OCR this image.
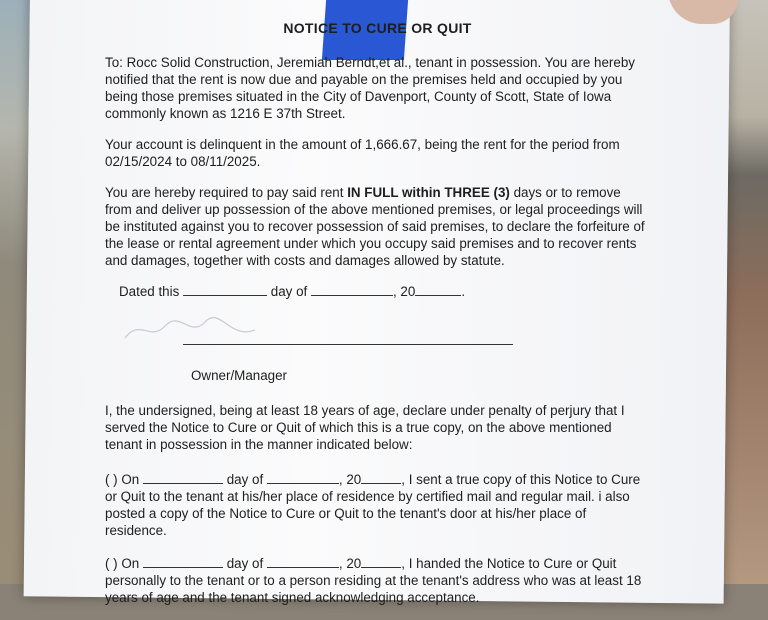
NOTICE TO CURE OR QUIT
To: Rocc Solid Construction, Jeremiah Berndt,et al., tenant in possession. You are hereby notified that the rent is now due and payable on the premises held and occupied by you being those premises situated in the City of Davenport, County of Scott, State of Iowa commonly known as 1216 E 37th Street.
Your account is delinquent in the amount of 1,666.67, being the rent for the period from 02/15/2024 to 08/11/2025.
You are hereby required to pay said rent IN FULL within THREE (3) days or to remove from and deliver up possession of the above mentioned premises, or legal proceedings will be instituted against you to recover possession of said premises, to declare the forfeiture of the lease or rental agreement under which you occupy said premises and to recover rents and damages, together with costs and damages allowed by statute.
Dated this	day of	, 20	.
Owner/Manager
I, the undersigned, being at least 18 years of age, declare under penalty of perjury that I served the Notice to Cure or Quit of which this is a true copy, on the above mentioned tenant in possession in the manner indicated below:
( ) On	day of	, 20	, I sent a true copy of this Notice to Cure or Quit to the tenant at his/her place of residence by certified mail and regular mail. i also posted a copy of the Notice to Cure or Quit to the tenant's door at his/her place of residence.
( ) On	day of	, 20	, I handed the Notice to Cure or Quit personally to the tenant or to a person residing at the tenant's address who was at least 18 years of age and the tenant signed acknowledging acceptance.
